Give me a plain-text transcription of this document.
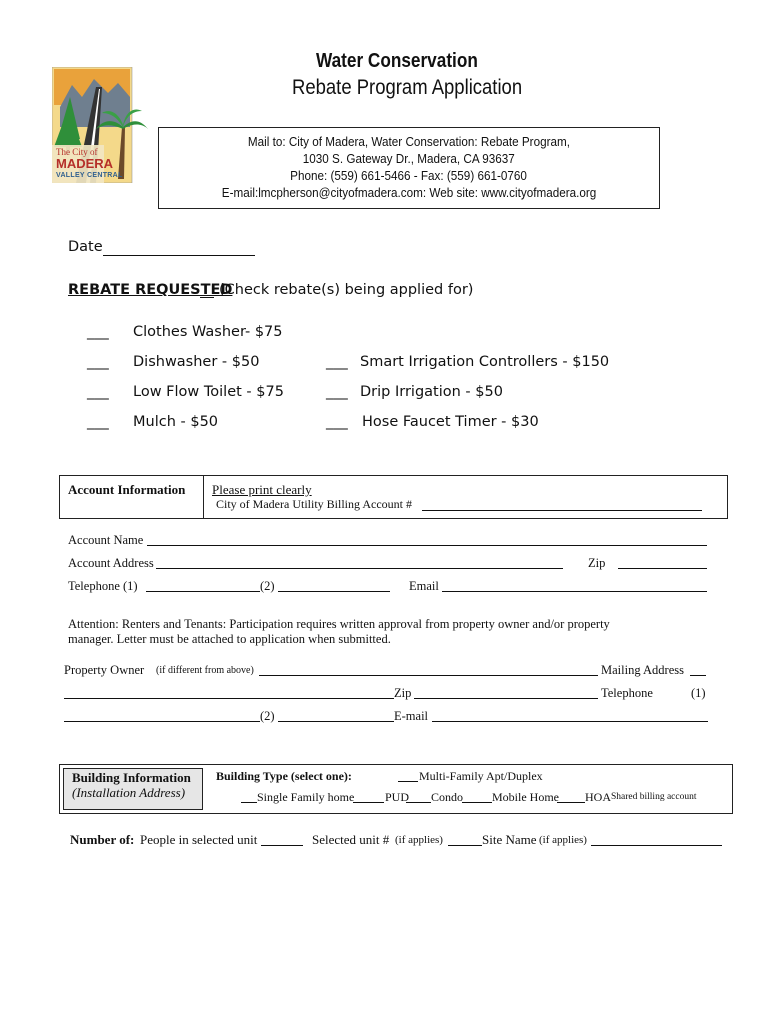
The City of
MADERA
VALLEY CENTRAL
Water Conservation
Rebate Program Application
Mail to: City of Madera, Water Conservation: Rebate Program,
1030 S. Gateway Dr., Madera, CA 93637
Phone: (559) 661-5466 - Fax: (559) 661-0760
E-mail:lmcpherson@cityofmadera.com: Web site: www.cityofmadera.org
Date
REBATE REQUESTED
(Check rebate(s) being applied for)
___ Clothes Washer- $75
___ Dishwasher - $50	___ Smart Irrigation Controllers - $150
___ Low Flow Toilet - $75	___ Drip Irrigation - $50
___ Mulch - $50	___ Hose Faucet Timer - $30
Account Information Please print clearly
City of Madera Utility Billing Account #
Account Name
Account Address	Zip
Telephone (1)	(2)	Email
Attention: Renters and Tenants: Participation requires written approval from property owner and/or property
manager. Letter must be attached to application when submitted.
Property Owner (if different from above)	Mailing Address
Zip	Telephone	(1)
(2)	E-mail
Building Information
(Installation Address)
Building Type (select one):	Multi-Family Apt/Duplex
Single Family home	PUD Condo Mobile Home HOA Shared billing account
Number of: People in selected unit	Selected unit # (if applies)	Site Name (if applies)
